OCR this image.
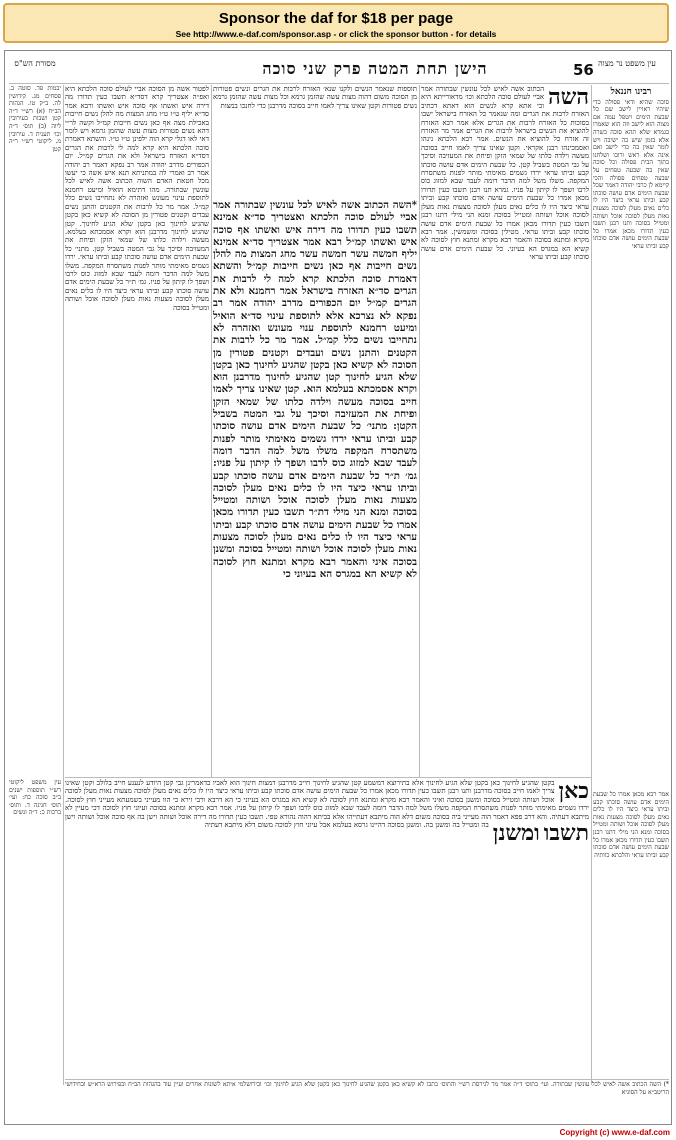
Sponsor the daf for $18 per page
See http://www.e-daf.com/sponsor.asp - or click the sponsor button - for details
מסורת הש"ס	הישן תחת המטה פרק שני סוכה	56 עין משפט נר מצוה
רבינו חננאל
סוכה שהיא ודאי פסולה כדי שיהיו ראויין לישב שם כל שבעת הימים ויטפל עמה אם מצוה הוא לישב וזה הוא שאמרו בגמרא שלא תהא סוכה כשרה אלא בזמן שיש בה ישיבה ויש לומר שאין בה כדי לישב ואם אינה אלא ראש ורובו ושלחנו בתוך הבית פסולה וכל סוכה שאין בה שבעה טפחים על שבעה טפחים פסולה והכי קיימא לן כרבי יהודה דאמר שכל שבעת הימים אדם עושה סוכתו קבע וביתו עראי כיצד היו לו כלים נאים מעלן לסוכה מצעות נאות מעלן לסוכה אוכל ושותה ומטייל בסוכה ותנו רבנן תשבו כעין תדורו מכאן אמרו כל שבעת הימים עושה אדם סוכתו קבע וביתו עראי
אמר רבא מכאן אמרו כל שבעת הימים אדם עושה סוכתו קבע וביתו עראי כיצד היו לו כלים נאים מעלן לסוכה מצעות נאות מעלן לסוכה אוכל ושותה ומטייל בסוכה ומנא הני מילי דתנו רבנן תשבו כעין תדורו מכאן אמרו כל שבעת הימים עושה אדם סוכתו קבע וביתו עראי והלכתא כוותיה
השה
הכתוב אשה לאיש לכל עונשין שבתורה אמר אביי לעולם סוכה הלכתא וכו׳ מדאורייתא היא וכי אתא קרא לנשים הוא דאתא דכתיב האזרח לרבות את הגרים ומה שנאמר כל האזרח בישראל ישבו בסוכות כל האזרח לרבות את הגרים אלא אמר רבא האזרח להוציא את הנשים בישראל לרבות את הגרים אמר מר האזרח זה אזרח כל להוציא את הנשים. אמר רבא הלכתא נינהו ואסמכינהו רבנן אקראי. וקטן שאינו צריך לאמו חייב בסוכה מעשה וילדה כלתו של שמאי הזקן ופיחת את המעזיבה וסיכך על גבי המטה בשביל קטן. כל שבעת הימים אדם עושה סוכתו קבע וביתו עראי ירדו גשמים מאימתי מותר לפנות משתסרח המקפה. משלו משל למה הדבר דומה לעבד שבא למזוג כוס לרבו ושפך לו קיתון על פניו. גמרא תנו רבנן תשבו כעין תדורו מכאן אמרו כל שבעת הימים עושה אדם סוכתו קבע וביתו עראי כיצד היו לו כלים נאים מעלן לסוכה מצעות נאות מעלן לסוכה אוכל ושותה ומטייל בסוכה ומנא הני מילי דתנו רבנן תשבו כעין תדורו מכאן אמרו כל שבעת הימים אדם עושה סוכתו קבע וביתו עראי. מטילין בסוכה ומשמשין. אמר רבא מקרא ומתנא בסוכה והאמר רבא מקרא ומתנא חוץ לסוכה לא קשיא הא במגרס הא בעיוני. כל שבעת הימים אדם עושה סוכתו קבע וביתו עראי
תוספות שנאמר הנשים ולקנו שנא׳ האזרח לרבות את הגרים ונשים פטורות מן הסוכה משום דהוה מצות עשה שהזמן גרמא וכל מצות עשה שהזמן גרמא נשים פטורות וקטן שאינו צריך לאמו חייב בסוכה מדרבנן כדי לחנכו במצות
*השה הכתוב אשה לאיש לכל עונשין שבתורה אמר אביי לעולם סוכה הלכתא ואצטריך סד״א אמינא תשבו כעין תדורו מה דירה איש ואשתו אף סוכה איש ואשתו קמ״ל רבא אמר אצטריך סד״א אמינא יליף חמשה עשר חמשה עשר מחג המצות מה להלן נשים חייבות אף כאן נשים חייבות קמ״ל והשתא דאמרת סוכה הלכתא קרא למה לי לרבות את הגרים סד״א האזרח בישראל אמר רחמנא ולא את הגרים קמ״ל יום הכפורים מדרב יהודה אמר רב נפקא לא נצרכא אלא לתוספת עינוי סד״א הואיל ומיעט רחמנא לתוספת ענוי מעונש ואזהרה לא נתחייבו נשים כלל קמ״ל. אמר מר כל לרבות את הקטנים והתנן נשים ועבדים וקטנים פטורין מן הסוכה לא קשיא כאן בקטן שהגיע לחינוך כאן בקטן שלא הגיע לחינוך קטן שהגיע לחינוך מדרבנן הוא וקרא אסמכתא בעלמא הוא. קטן שאינו צריך לאמו חייב בסוכה מעשה וילדה כלתו של שמאי הזקן ופיחת את המעזיבה וסיכך על גבי המטה בשביל הקטן: מתני׳ כל שבעת הימים אדם עושה סוכתו קבע וביתו עראי ירדו גשמים מאימתי מותר לפנות משתסרח המקפה משלו משל למה הדבר דומה לעבד שבא למזוג כוס לרבו ושפך לו קיתון על פניו: גמ׳ ת״ר כל שבעת הימים אדם עושה סוכתו קבע וביתו עראי כיצד היו לו כלים נאים מעלן לסוכה מצעות נאות מעלן לסוכה אוכל ושותה ומטייל בסוכה ומנא הני מילי דת״ר תשבו כעין תדורו מכאן אמרו כל שבעת הימים עושה אדם סוכתו קבע וביתו עראי כיצד היו לו כלים נאים מעלן לסוכה מצעות נאות מעלן לסוכה אוכל ושותה ומטייל בסוכה ומשנן בסוכה איני והאמר רבא מקרא ומתנא חוץ לסוכה לא קשיא הא במגרס הא בעיוני כי
לפטור אשה מן הסוכה אביי לעולם סוכה הלכתא היא ואפ״ה אצטריך קרא דסד״א תשבו כעין תדורו מה דירה איש ואשתו אף סוכה איש ואשתו ורבא אמר סד״א יליף ט״ו ט״ו מחג המצות מה להלן נשים חייבות באכילת מצה אף כאן נשים חייבות קמ״ל וקשה לר״י דהא נשים פטורות מצות עשה שהזמן גרמא ויש לומר דאי לאו דגלי קרא הוה ילפינן ט״ו ט״ו. והשתא דאמרת סוכה הלכתא היא קרא למה לי לרבות את הגרים דסד״א האזרח בישראל ולא את הגרים קמ״ל. יום הכפורים מדרב יהודה אמר רב נפקא דאמר רב יהודה אמר רב ואמרי לה במתניתא תנא איש אשה כי יעשו מכל חטאת האדם השוה הכתוב אשה לאיש לכל עונשין שבתורה. מהו דתימא הואיל ומיעט רחמנא לתוספת עינוי מעונש ואזהרה לא נתחייבו נשים כלל קמ״ל. אמר מר כל לרבות את הקטנים והתנן נשים עבדים וקטנים פטורין מן הסוכה לא קשיא כאן בקטן שהגיע לחינוך כאן בקטן שלא הגיע לחינוך. קטן שהגיע לחינוך מדרבנן הוא וקרא אסמכתא בעלמא. מעשה וילדה כלתו של שמאי הזקן ופיחת את המעזיבה וסיכך על גבי המטה בשביל קטן. מתני׳ כל שבעת הימים אדם עושה סוכתו קבע וביתו עראי. ירדו גשמים מאימתי מותר לפנות משתסרח המקפה. משלו משל למה הדבר דומה לעבד שבא למזוג כוס לרבו ושפך לו קיתון על פניו. גמ׳ ת״ר כל שבעת הימים אדם עושה סוכתו קבע וביתו עראי כיצד היו לו כלים נאים מעלן לסוכה מצעות נאות מעלן לסוכה אוכל ושותה ומטייל בסוכה
יבמות פד. סוטה ב. פסחים מג. קידושין לה. ב״ק טו. הגהות הב״ח (א) רש״י ד״ה קטן ושבות בעירובין ליוה (ב) תוס׳ ד״ה וכו׳ תענית ד. עירובין מ. ליקוטי רש״י ר״ה קטן
כאן
בקטן שהגיע לחינוך כאן בקטן שלא הגיע לחינוך אלא בתירוצא דמשמע קטן שהגיע לחינוך חייב מדרבנן דמצות חינוך הוא לאביו כדאמרינן גבי קטן היודע לנענע חייב בלולב וקטן שאינו צריך לאמו חייב בסוכה מדרבנן ותנו רבנן תשבו כעין תדורו מכאן אמרו כל שבעת הימים עושה אדם סוכתו קבע וביתו עראי כיצד היו לו כלים נאים מעלן לסוכה מצעות נאות מעלן לסוכה אוכל ושותה ומטייל בסוכה ומשנן בסוכה ואיני והאמר רבא מקרא ומתנא חוץ לסוכה לא קשיא הא במגרס הא בעיוני כי הא דרבא ורבי זירא כי הוו מעייני בשמעתא מעייני חוץ לסוכה. ירדו גשמים מאימתי מותר לפנות משתסרח המקפה משלו משל למה הדבר דומה לעבד שבא למזוג כוס לרבו ושפך לו קיתון על פניו. אמר רבא מקרא ומתנא בסוכה ועיוני חוץ לסוכה דכי מעיין לא מיתבא דעתיה. והא דרב פפא דאמר הוה מעייני ביה בסוכה משום דלא הוה מיתבא דעתייהו אלא בביתא דהוה נהורא טפי. תשבו כעין תדורו מה דירה אוכל ושותה וישן בה אף סוכה אוכל ושותה וישן בה ומטייל בה ומשנן בה. ומשנן בסוכה דהיינו גרסא בעלמא אבל עיוני חוץ לסוכה משום דלא מיתבא דעתיה	תשבו
ומשנן
עין משפט ליקוטי רש״י תוספות ישנים ב״ב סוכה כח: ועי׳ תוס׳ חגיגה ד. ותוס׳ ברכות כ: ד״ה ונשים
*) השה הכתוב אשה לאיש לכל עונשין שבתורה. ועי׳ בתוס׳ ד״ה אמר מר לגירסת רש״י והתוס׳ כתבו לא קשיא כאן בקטן שהגיע לחינוך כאן בקטן שלא הגיע לחינוך וכו׳ ובירושלמי איתא לשונות אחרים ועיין עוד בהגהות הב״ח ובפירוש הרא״ש ובחידושי הריטב״א על הסוגיא
Copyright (c) www.e-daf.com
